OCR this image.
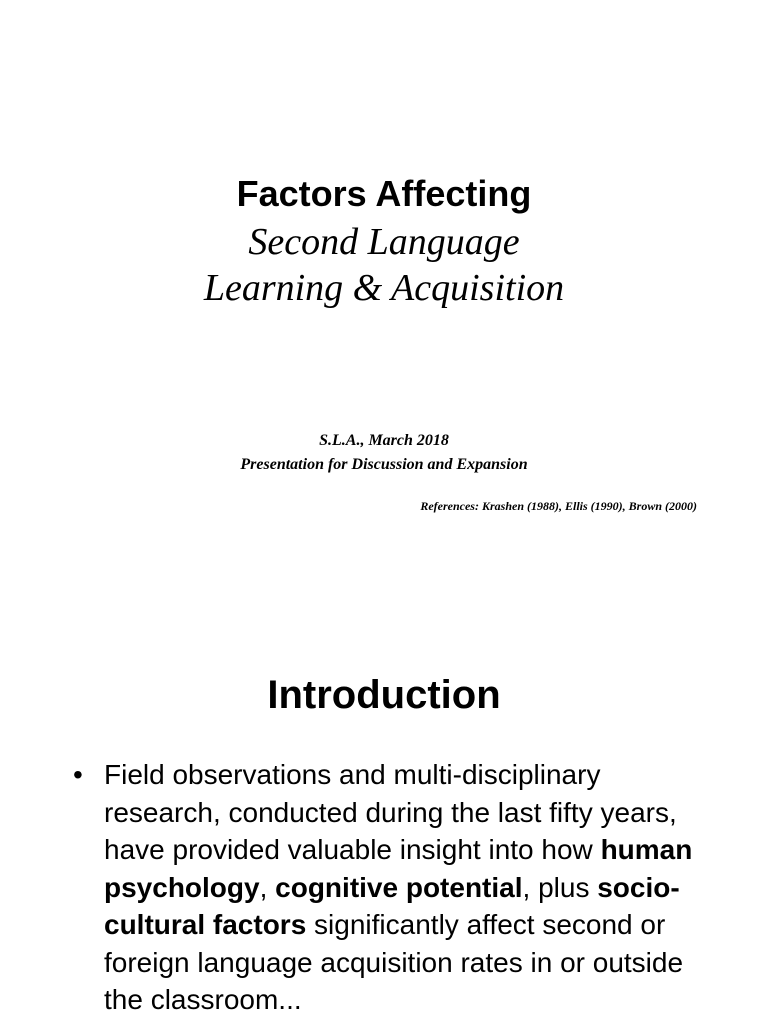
Factors Affecting
Second Language
Learning & Acquisition
S.L.A., March 2018
Presentation for Discussion and Expansion
References: Krashen (1988), Ellis (1990), Brown (2000)
Introduction
• Field observations and multi-disciplinary research, conducted during the last fifty years, have provided valuable insight into how human psychology, cognitive potential, plus socio-cultural factors significantly affect second or foreign language acquisition rates in or outside the classroom...
